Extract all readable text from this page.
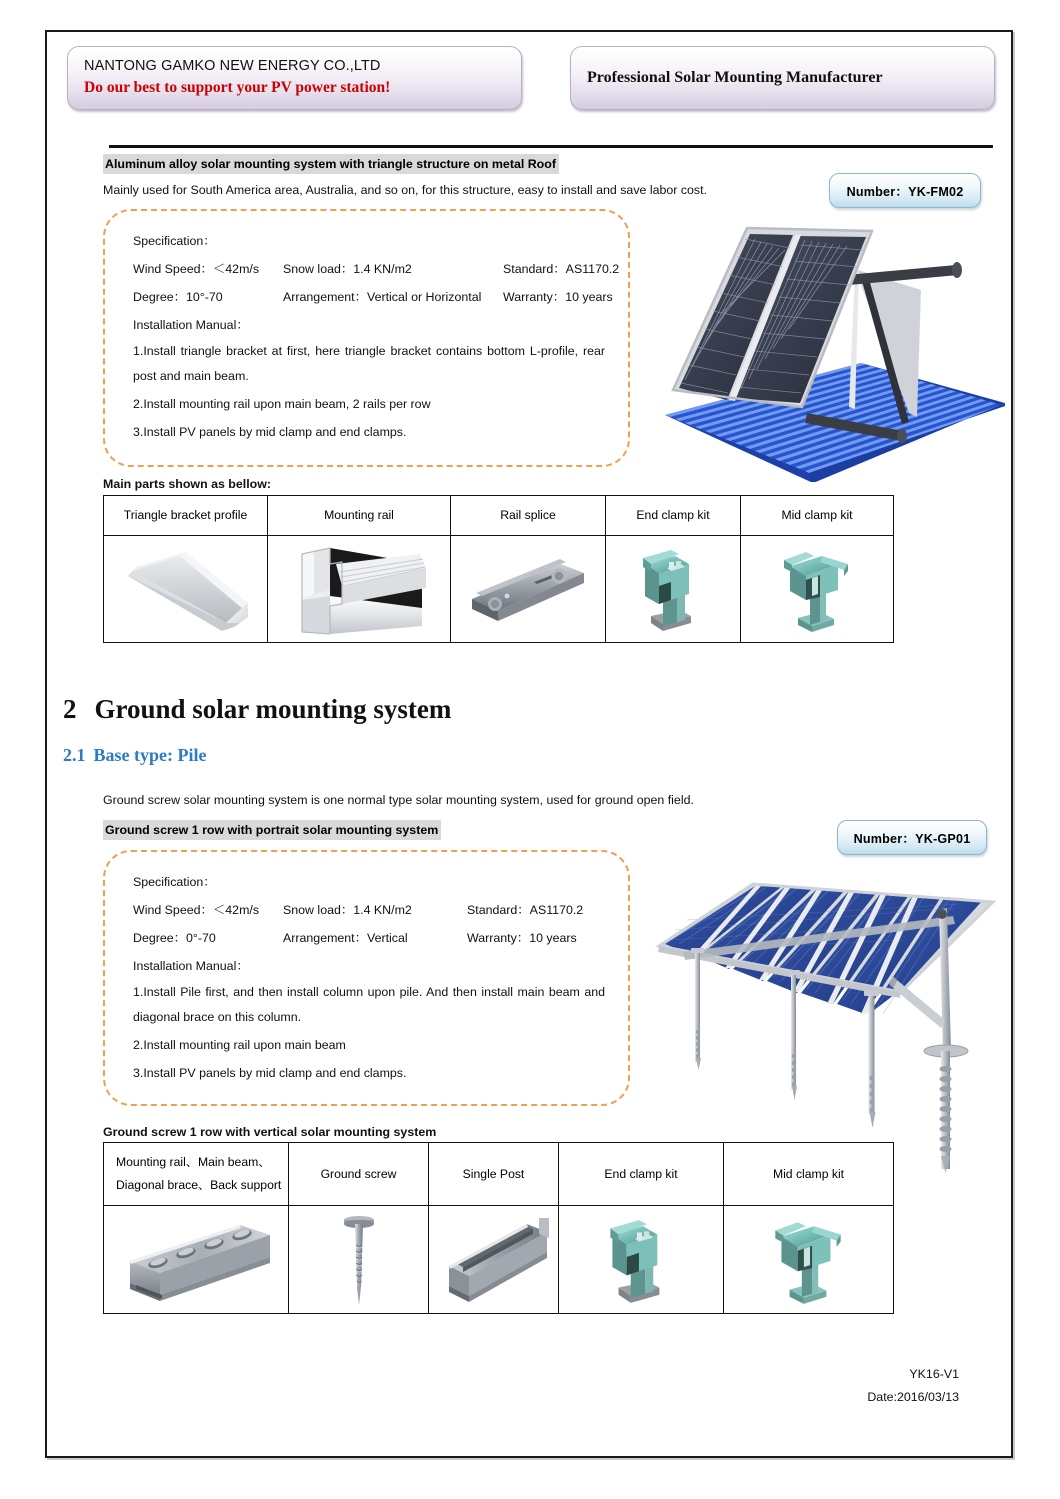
NANTONG GAMKO NEW ENERGY CO.,LTD
Do our best to support your PV power station!
Professional Solar Mounting Manufacturer
Aluminum alloy solar mounting system with triangle structure on metal Roof
Mainly used for South America area, Australia, and so on, for this structure, easy to install and save labor cost.	Number：YK-FM02
Specification：
Wind Speed：＜42m/s Snow load：1.4 KN/m2	Standard：AS1170.2
Degree：10°-70	Arrangement：Vertical or Horizontal Warranty：10 years
Installation Manual：
1.Install triangle bracket at first, here triangle bracket contains bottom L-profile, rear post and main beam.
2.Install mounting rail upon main beam, 2 rails per row
3.Install PV panels by mid clamp and end clamps.
Main parts shown as bellow:
Triangle bracket profile	Mounting rail	Rail splice	End clamp kit	Mid clamp kit

2 Ground solar mounting system
2.1 Base type: Pile
Ground screw solar mounting system is one normal type solar mounting system, used for ground open field.
Ground screw 1 row with portrait solar mounting system
Number：YK-GP01
Specification：
Wind Speed：＜42m/s Snow load：1.4 KN/m2	Standard：AS1170.2
Degree：0°-70	Arrangement：Vertical	Warranty：10 years
Installation Manual：
1.Install Pile first, and then install column upon pile. And then install main beam and diagonal brace on this column.
2.Install mounting rail upon main beam
3.Install PV panels by mid clamp and end clamps.
Ground screw 1 row with vertical solar mounting system
Mounting rail、Main beam、
Diagonal brace、Back support	Ground screw	Single Post	End clamp kit	Mid clamp kit

YK16-V1
Date:2016/03/13
